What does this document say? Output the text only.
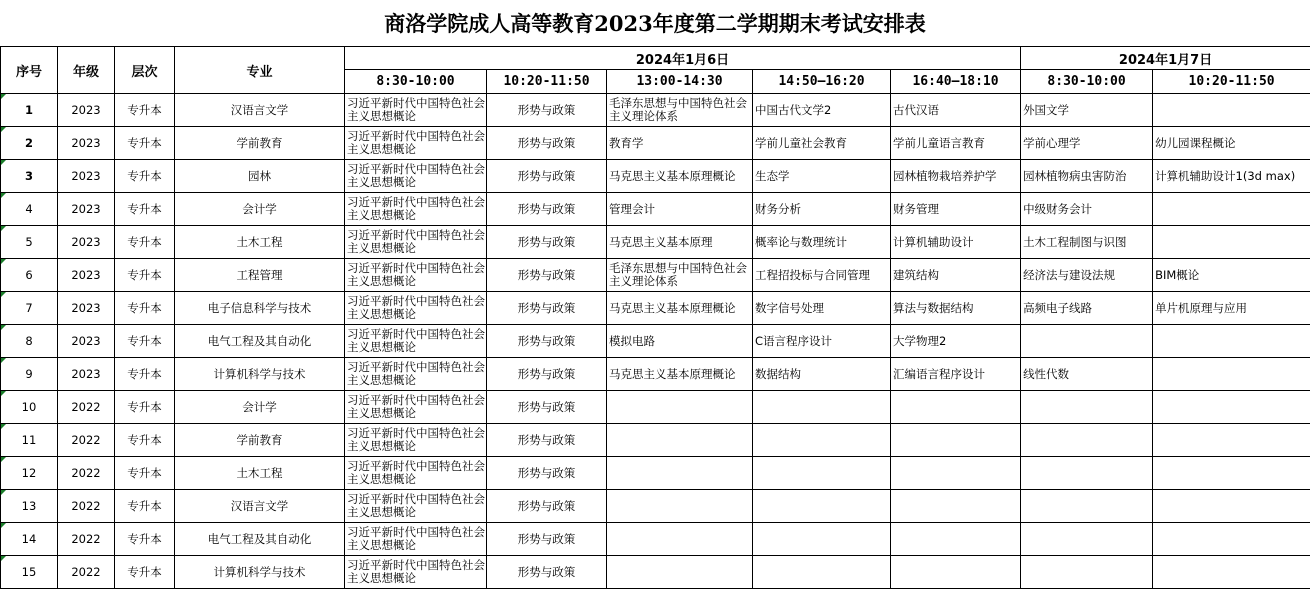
商洛学院成人高等教育2023年度第二学期期末考试安排表
序号	年级	层次	专业	2024年1月6日					2024年1月7日	
				8:30-10:00	10:20-11:50	13:00-14:30	14:50—16:20	16:40—18:10	8:30-10:00	10:20-11:50
1	2023	专升本	汉语言文学	习近平新时代中国特色社会主义思想概论	形势与政策	毛泽东思想与中国特色社会主义理论体系	中国古代文学2	古代汉语	外国文学	

2	2023	专升本	学前教育	习近平新时代中国特色社会主义思想概论	形势与政策	教育学	学前儿童社会教育	学前儿童语言教育	学前心理学	幼儿园课程概论

3	2023	专升本	园林	习近平新时代中国特色社会主义思想概论	形势与政策	马克思主义基本原理概论	生态学	园林植物栽培养护学	园林植物病虫害防治	计算机辅助设计1(3d max)

4	2023	专升本	会计学	习近平新时代中国特色社会主义思想概论	形势与政策	管理会计	财务分析	财务管理	中级财务会计	

5	2023	专升本	土木工程	习近平新时代中国特色社会主义思想概论	形势与政策	马克思主义基本原理	概率论与数理统计	计算机辅助设计	土木工程制图与识图	

6	2023	专升本	工程管理	习近平新时代中国特色社会主义思想概论	形势与政策	毛泽东思想与中国特色社会主义理论体系	工程招投标与合同管理	建筑结构	经济法与建设法规	BIM概论

7	2023	专升本	电子信息科学与技术	习近平新时代中国特色社会主义思想概论	形势与政策	马克思主义基本原理概论	数字信号处理	算法与数据结构	高频电子线路	单片机原理与应用

8	2023	专升本	电气工程及其自动化	习近平新时代中国特色社会主义思想概论	形势与政策	模拟电路	C语言程序设计	大学物理2		

9	2023	专升本	计算机科学与技术	习近平新时代中国特色社会主义思想概论	形势与政策	马克思主义基本原理概论	数据结构	汇编语言程序设计	线性代数	

10	2022	专升本	会计学	习近平新时代中国特色社会主义思想概论	形势与政策					

11	2022	专升本	学前教育	习近平新时代中国特色社会主义思想概论	形势与政策					

12	2022	专升本	土木工程	习近平新时代中国特色社会主义思想概论	形势与政策					

13	2022	专升本	汉语言文学	习近平新时代中国特色社会主义思想概论	形势与政策					

14	2022	专升本	电气工程及其自动化	习近平新时代中国特色社会主义思想概论	形势与政策					

15	2022	专升本	计算机科学与技术	习近平新时代中国特色社会主义思想概论	形势与政策					
